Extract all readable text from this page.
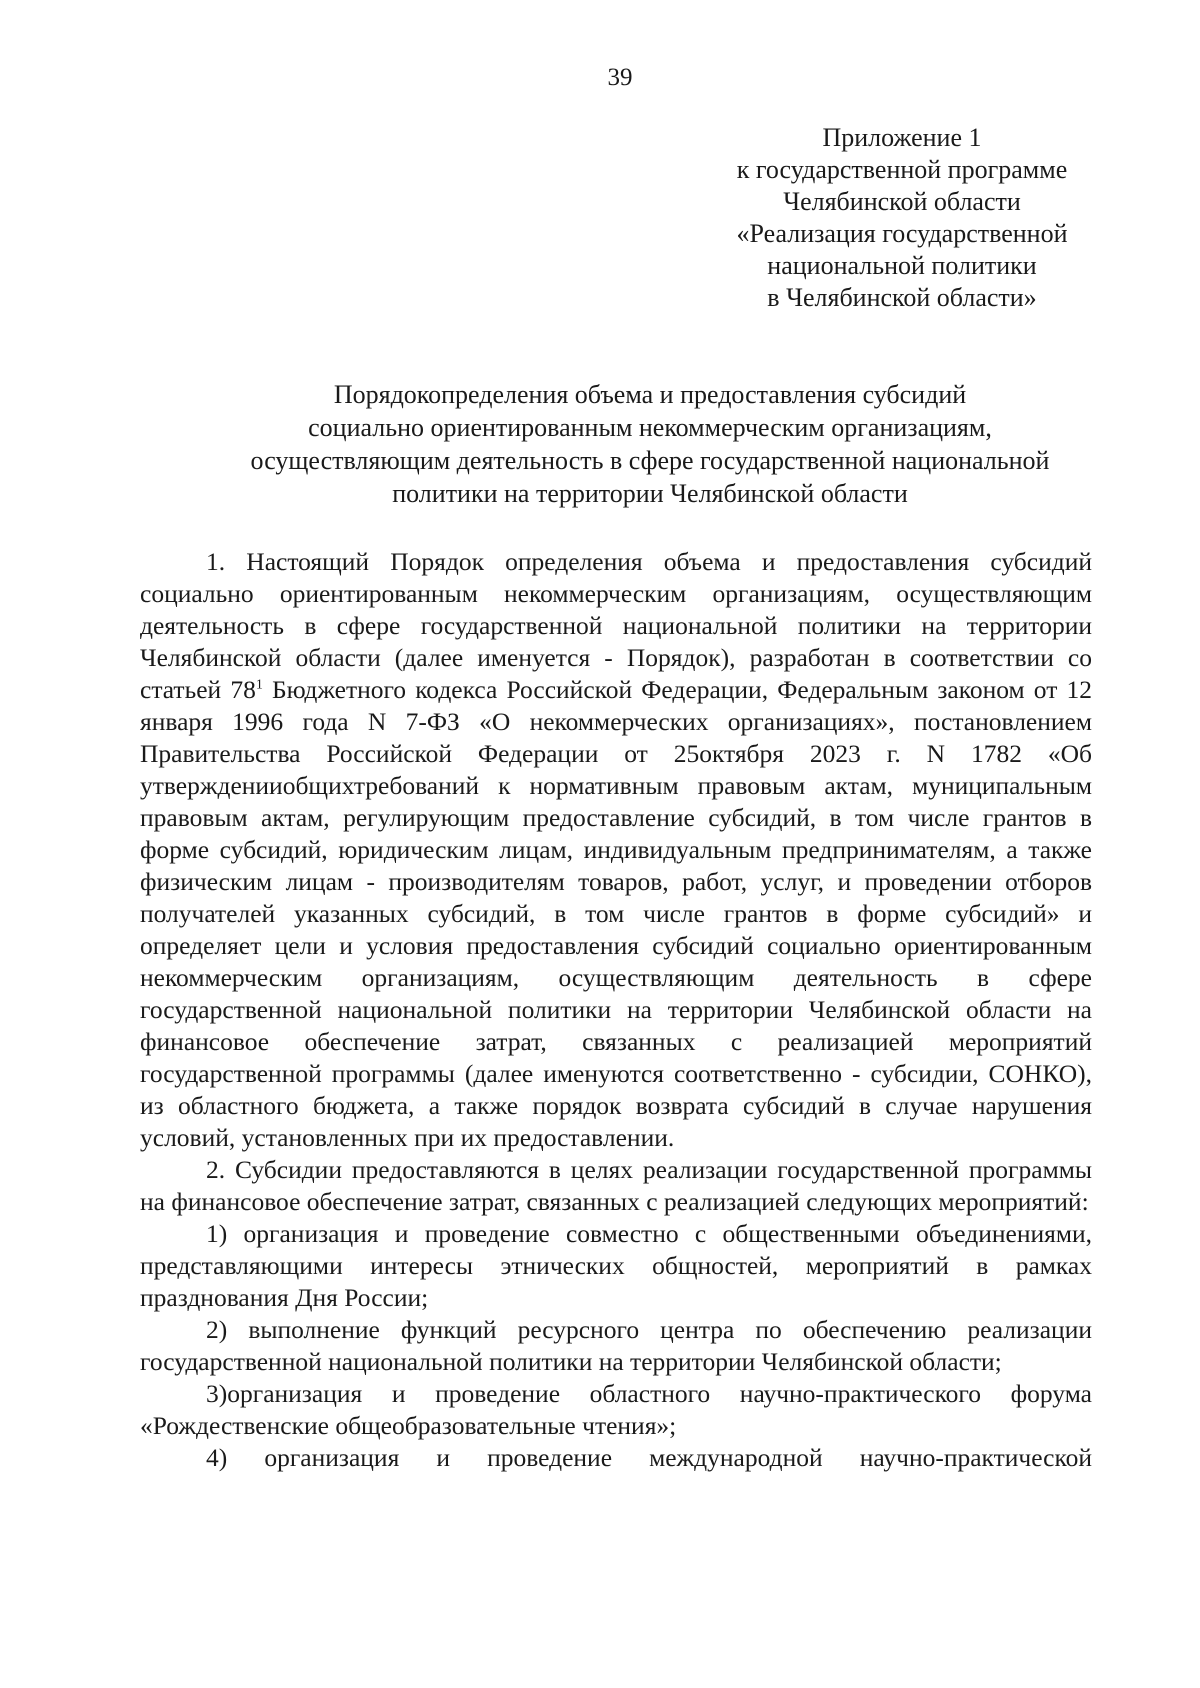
39
Приложение 1
к государственной программе
Челябинской области
«Реализация государственной
национальной политики
в Челябинской области»
Порядокопределения объема и предоставления субсидий
социально ориентированным некоммерческим организациям,
осуществляющим деятельность в сфере государственной национальной
политики на территории Челябинской области

1. Настоящий Порядок определения объема и предоставления субсидий социально ориентированным некоммерческим организациям, осуществляющим деятельность в сфере государственной национальной политики на территории Челябинской области (далее именуется - Порядок), разработан в соответствии со статьей $78^1$ Бюджетного кодекса Российской Федерации, Федеральным законом от 12 января 1996 года N 7-ФЗ «О некоммерческих организациях», постановлением Правительства Российской Федерации от 25октября 2023 г. N 1782 «Об утвержденииобщихтребований к нормативным правовым актам, муниципальным правовым актам, регулирующим предоставление субсидий, в том числе грантов в форме субсидий, юридическим лицам, индивидуальным предпринимателям, а также физическим лицам - производителям товаров, работ, услуг, и проведении отборов получателей указанных субсидий, в том числе грантов в форме субсидий» и определяет цели и условия предоставления субсидий социально ориентированным некоммерческим организациям, осуществляющим деятельность в сфере государственной национальной политики на территории Челябинской области на финансовое обеспечение затрат, связанных с реализацией мероприятий государственной программы (далее именуются соответственно - субсидии, СОНКО), из областного бюджета, а также порядок возврата субсидий в случае нарушения условий, установленных при их предоставлении.

2. Субсидии предоставляются в целях реализации государственной программы на финансовое обеспечение затрат, связанных с реализацией следующих мероприятий:

1) организация и проведение совместно с общественными объединениями, представляющими интересы этнических общностей, мероприятий в рамках празднования Дня России;

2) выполнение функций ресурсного центра по обеспечению реализации государственной национальной политики на территории Челябинской области;

3)организация и проведение областного научно-практического форума «Рождественские общеобразовательные чтения»;

4) организация и проведение международной научно-практической
